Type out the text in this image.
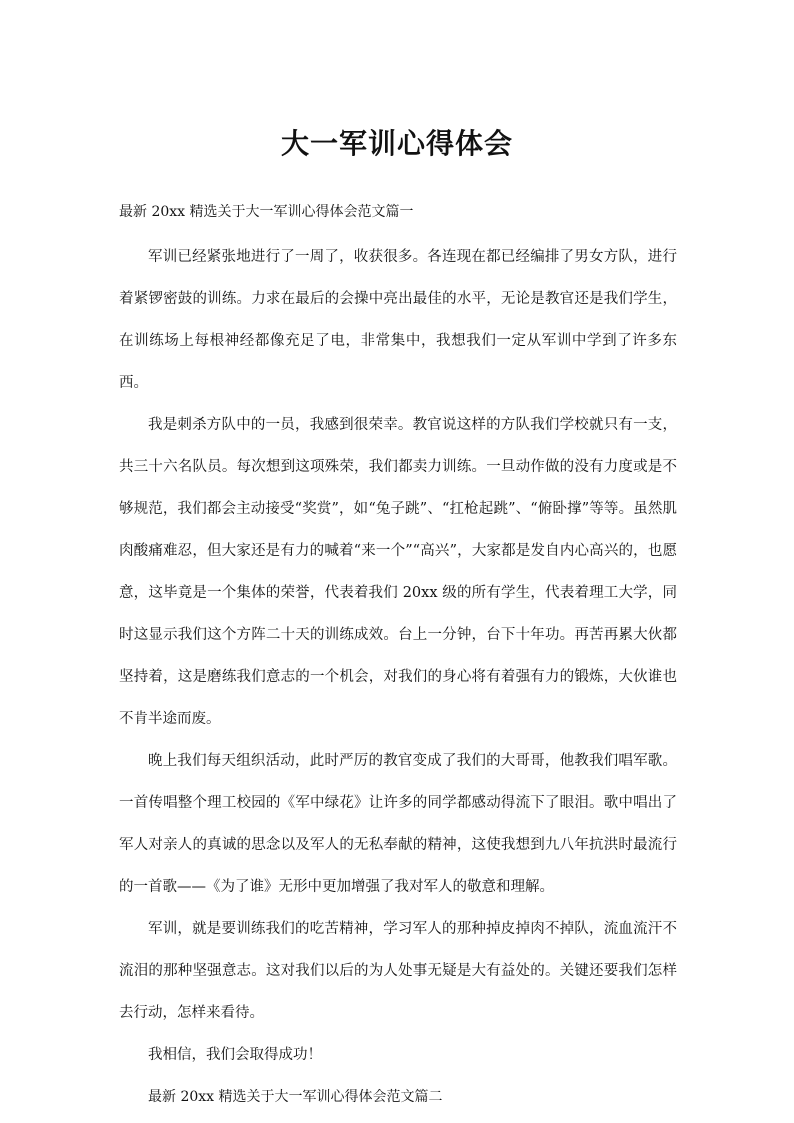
大一军训心得体会

最新 20xx 精选关于大一军训心得体会范文篇一

军训已经紧张地进行了一周了，收获很多。各连现在都已经编排了男女方队，进行着紧锣密鼓的训练。力求在最后的会操中亮出最佳的水平，无论是教官还是我们学生，在训练场上每根神经都像充足了电，非常集中，我想我们一定从军训中学到了许多东西。

我是刺杀方队中的一员，我感到很荣幸。教官说这样的方队我们学校就只有一支，共三十六名队员。每次想到这项殊荣，我们都卖力训练。一旦动作做的没有力度或是不够规范，我们都会主动接受“奖赏”，如“兔子跳”、“扛枪起跳”、“俯卧撑”等等。虽然肌肉酸痛难忍，但大家还是有力的喊着“来一个”“高兴”，大家都是发自内心高兴的，也愿意，这毕竟是一个集体的荣誉，代表着我们 20xx 级的所有学生，代表着理工大学，同时这显示我们这个方阵二十天的训练成效。台上一分钟，台下十年功。再苦再累大伙都坚持着，这是磨练我们意志的一个机会，对我们的身心将有着强有力的锻炼，大伙谁也不肯半途而废。

晚上我们每天组织活动，此时严厉的教官变成了我们的大哥哥，他教我们唱军歌。一首传唱整个理工校园的《军中绿花》让许多的同学都感动得流下了眼泪。歌中唱出了军人对亲人的真诚的思念以及军人的无私奉献的精神，这使我想到九八年抗洪时最流行的一首歌——《为了谁》无形中更加增强了我对军人的敬意和理解。

军训，就是要训练我们的吃苦精神，学习军人的那种掉皮掉肉不掉队，流血流汗不流泪的那种坚强意志。这对我们以后的为人处事无疑是大有益处的。关键还要我们怎样去行动，怎样来看待。

我相信，我们会取得成功！

最新 20xx 精选关于大一军训心得体会范文篇二
